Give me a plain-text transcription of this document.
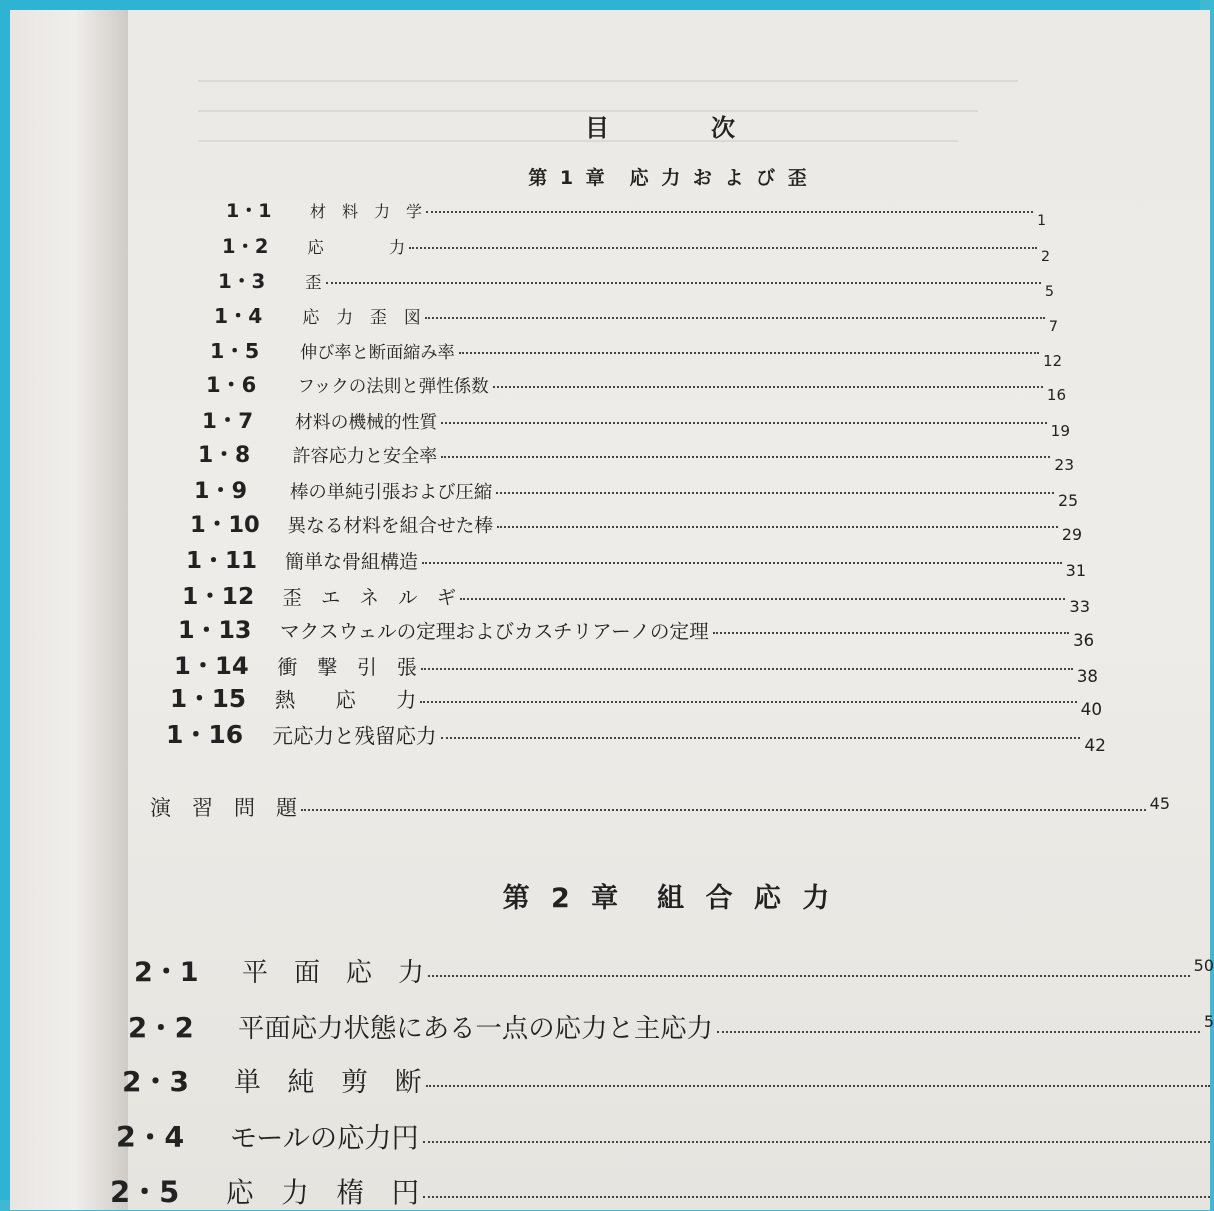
目　　次
第 1 章　応 力 お よ び 歪
1・1	材　料　力　学	1
1・2	応　　　　力	2
1・3	歪	5
1・4	応　力　歪　図	7
1・5	伸び率と断面縮み率	12
1・6	フックの法則と弾性係数	16
1・7	材料の機械的性質	19
1・8	許容応力と安全率	23
1・9	棒の単純引張および圧縮	25
1・10	異なる材料を組合せた棒	29
1・11	簡単な骨組構造	31
1・12	歪　エ　ネ　ル　ギ	33
1・13	マクスウェルの定理およびカスチリアーノの定理	36
1・14	衝　撃　引　張	38
1・15	熱　　応　　力	40
1・16	元応力と残留応力	42
演　習　問　題	45
第 2 章　組 合 応 力
2・1	平　面　応　力	50
2・2	平面応力状態にある一点の応力と主応力	5
2・3	単　純　剪　断
2・4	モールの応力円
2・5	応　力　楕　円
